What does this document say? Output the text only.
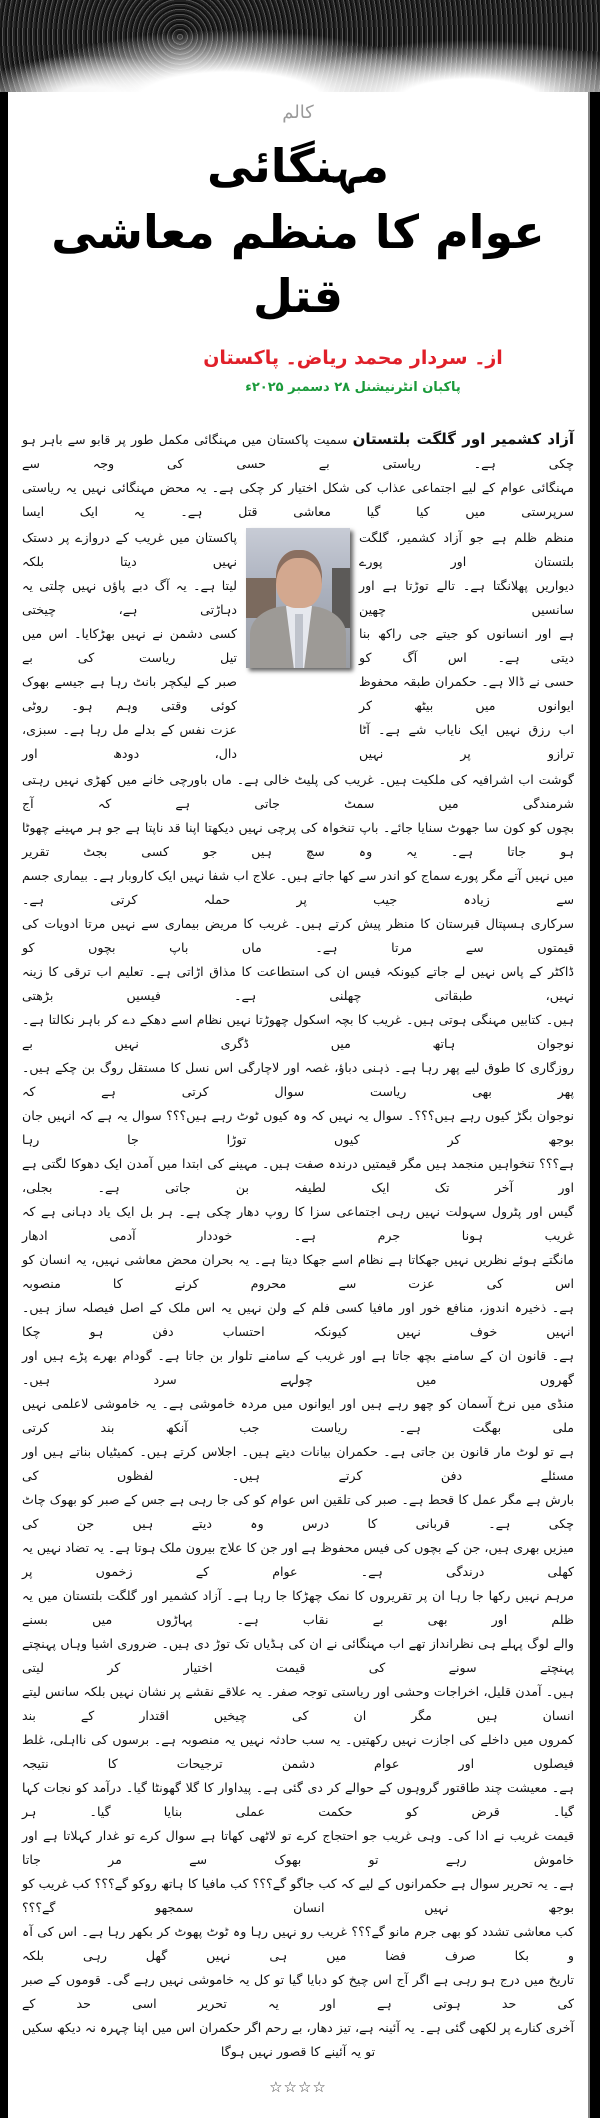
کالم
مہنگائی
عوام کا منظم معاشی قتل
از۔ سردار محمد ریاض۔ پاکستان
پاکبان انٹرنیشنل ۲۸ دسمبر ۲۰۲۵ء
آزاد کشمیر اور گلگت بلتستان سمیت پاکستان میں مہنگائی مکمل طور پر قابو سے باہر ہو چکی ہے۔ ریاستی بے حسی کی وجہ سے
مہنگائی عوام کے لیے اجتماعی عذاب کی شکل اختیار کر چکی ہے۔ یہ محض مہنگائی نہیں یہ ریاستی سرپرستی میں کیا گیا معاشی قتل ہے۔ یہ ایک ایسا
منظم ظلم ہے جو آزاد کشمیر، گلگت بلتستان اور پورے
دیواریں پھلانگتا ہے۔ تالے توڑتا ہے اور سانسیں چھین
ہے اور انسانوں کو جیتے جی راکھ بنا دیتی ہے۔ اس آگ کو
حسی نے ڈالا ہے۔ حکمران طبقہ محفوظ ایوانوں میں بیٹھ کر
اب رزق نہیں ایک نایاب شے ہے۔ آٹا ترازو پر نہیں
پاکستان میں غریب کے دروازے پر دستک نہیں دیتا بلکہ
لیتا ہے۔ یہ آگ دبے پاؤں نہیں چلتی یہ دہاڑتی ہے، چیختی
کسی دشمن نے نہیں بھڑکایا۔ اس میں تیل ریاست کی بے
صبر کے لیکچر بانٹ رہا ہے جیسے بھوک کوئی وقتی وہم ہو۔ روٹی
عزت نفس کے بدلے مل رہا ہے۔ سبزی، دال، دودھ اور
گوشت اب اشرافیہ کی ملکیت ہیں۔ غریب کی پلیٹ خالی ہے۔ ماں باورچی خانے میں کھڑی نہیں رہتی شرمندگی میں سمٹ جاتی ہے کہ آج
بچوں کو کون سا جھوٹ سنایا جائے۔ باپ تنخواہ کی پرچی نہیں دیکھتا اپنا قد ناپتا ہے جو ہر مہینے چھوٹا ہو جاتا ہے۔ یہ وہ سچ ہیں جو کسی بجٹ تقریر
میں نہیں آتے مگر پورے سماج کو اندر سے کھا جاتے ہیں۔ علاج اب شفا نہیں ایک کاروبار ہے۔ بیماری جسم سے زیادہ جیب پر حملہ کرتی ہے۔
سرکاری ہسپتال قبرستان کا منظر پیش کرتے ہیں۔ غریب کا مریض بیماری سے نہیں مرتا ادویات کی قیمتوں سے مرتا ہے۔ ماں باپ بچوں کو
ڈاکٹر کے پاس نہیں لے جاتے کیونکہ فیس ان کی استطاعت کا مذاق اڑاتی ہے۔ تعلیم اب ترقی کا زینہ نہیں، طبقاتی چھلنی ہے۔ فیسیں بڑھتی
ہیں۔ کتابیں مہنگی ہوتی ہیں۔ غریب کا بچہ اسکول چھوڑتا نہیں نظام اسے دھکے دے کر باہر نکالتا ہے۔ نوجوان ہاتھ میں ڈگری نہیں بے
روزگاری کا طوق لیے پھر رہا ہے۔ ذہنی دباؤ، غصہ اور لاچارگی اس نسل کا مستقل روگ بن چکے ہیں۔ پھر بھی ریاست سوال کرتی ہے کہ
نوجوان بگڑ کیوں رہے ہیں؟؟؟۔ سوال یہ نہیں کہ وہ کیوں ٹوٹ رہے ہیں؟؟؟ سوال یہ ہے کہ انہیں جان بوجھ کر کیوں توڑا جا رہا
ہے؟؟؟ تنخواہیں منجمد ہیں مگر قیمتیں درندہ صفت ہیں۔ مہینے کی ابتدا میں آمدن ایک دھوکا لگتی ہے اور آخر تک ایک لطیفہ بن جاتی ہے۔ بجلی،
گیس اور پٹرول سہولت نہیں رہی اجتماعی سزا کا روپ دھار چکی ہے۔ ہر بل ایک یاد دہانی ہے کہ غریب ہونا جرم ہے۔ خوددار آدمی ادھار
مانگتے ہوئے نظریں نہیں جھکاتا ہے نظام اسے جھکا دیتا ہے۔ یہ بحران محض معاشی نہیں، یہ انسان کو اس کی عزت سے محروم کرنے کا منصوبہ
ہے۔ ذخیرہ اندوز، منافع خور اور مافیا کسی فلم کے ولن نہیں یہ اس ملک کے اصل فیصلہ ساز ہیں۔ انہیں خوف نہیں کیونکہ احتساب دفن ہو چکا
ہے۔ قانون ان کے سامنے بچھ جاتا ہے اور غریب کے سامنے تلوار بن جاتا ہے۔ گودام بھرے پڑے ہیں اور گھروں میں چولہے سرد ہیں۔
منڈی میں نرخ آسمان کو چھو رہے ہیں اور ایوانوں میں مردہ خاموشی ہے۔ یہ خاموشی لاعلمی نہیں ملی بھگت ہے۔ ریاست جب آنکھ بند کرتی
ہے تو لوٹ مار قانون بن جاتی ہے۔ حکمران بیانات دیتے ہیں۔ اجلاس کرتے ہیں۔ کمیٹیاں بناتے ہیں اور مسئلے دفن کرتے ہیں۔ لفظوں کی
بارش ہے مگر عمل کا قحط ہے۔ صبر کی تلقین اس عوام کو کی جا رہی ہے جس کے صبر کو بھوک چاٹ چکی ہے۔ قربانی کا درس وہ دیتے ہیں جن کی
میزیں بھری ہیں، جن کے بچوں کی فیس محفوظ ہے اور جن کا علاج بیرون ملک ہوتا ہے۔ یہ تضاد نہیں یہ کھلی درندگی ہے۔ عوام کے زخموں پر
مرہم نہیں رکھا جا رہا ان پر تقریروں کا نمک چھڑکا جا رہا ہے۔ آزاد کشمیر اور گلگت بلتستان میں یہ ظلم اور بھی بے نقاب ہے۔ پہاڑوں میں بسنے
والے لوگ پہلے ہی نظرانداز تھے اب مہنگائی نے ان کی ہڈیاں تک توڑ دی ہیں۔ ضروری اشیا وہاں پہنچتے پہنچتے سونے کی قیمت اختیار کر لیتی
ہیں۔ آمدن قلیل، اخراجات وحشی اور ریاستی توجہ صفر۔ یہ علاقے نقشے پر نشان نہیں بلکہ سانس لیتے انسان ہیں مگر ان کی چیخیں اقتدار کے بند
کمروں میں داخلے کی اجازت نہیں رکھتیں۔ یہ سب حادثہ نہیں یہ منصوبہ ہے۔ برسوں کی نااہلی، غلط فیصلوں اور عوام دشمن ترجیحات کا نتیجہ
ہے۔ معیشت چند طاقتور گروہوں کے حوالے کر دی گئی ہے۔ پیداوار کا گلا گھونٹا گیا۔ درآمد کو نجات کہا گیا۔ قرض کو حکمت عملی بنایا گیا۔ ہر
قیمت غریب نے ادا کی۔ وہی غریب جو احتجاج کرے تو لاٹھی کھاتا ہے سوال کرے تو غدار کہلاتا ہے اور خاموش رہے تو بھوک سے مر جاتا
ہے۔ یہ تحریر سوال ہے حکمرانوں کے لیے کہ کب جاگو گے؟؟؟ کب مافیا کا ہاتھ روکو گے؟؟؟ کب غریب کو بوجھ نہیں انسان سمجھو گے؟؟؟
کب معاشی تشدد کو بھی جرم مانو گے؟؟؟ غریب رو نہیں رہا وہ ٹوٹ پھوٹ کر بکھر رہا ہے۔ اس کی آہ و بکا صرف فضا میں ہی نہیں گھل رہی بلکہ
تاریخ میں درج ہو رہی ہے اگر آج اس چیخ کو دبایا گیا تو کل یہ خاموشی نہیں رہے گی۔ قوموں کے صبر کی حد ہوتی ہے اور یہ تحریر اسی حد کے
آخری کنارے پر لکھی گئی ہے۔ یہ آئینہ ہے، تیز دھار، بے رحم اگر حکمران اس میں اپنا چہرہ نہ دیکھ سکیں تو یہ آئینے کا قصور نہیں ہوگا
☆☆☆☆
